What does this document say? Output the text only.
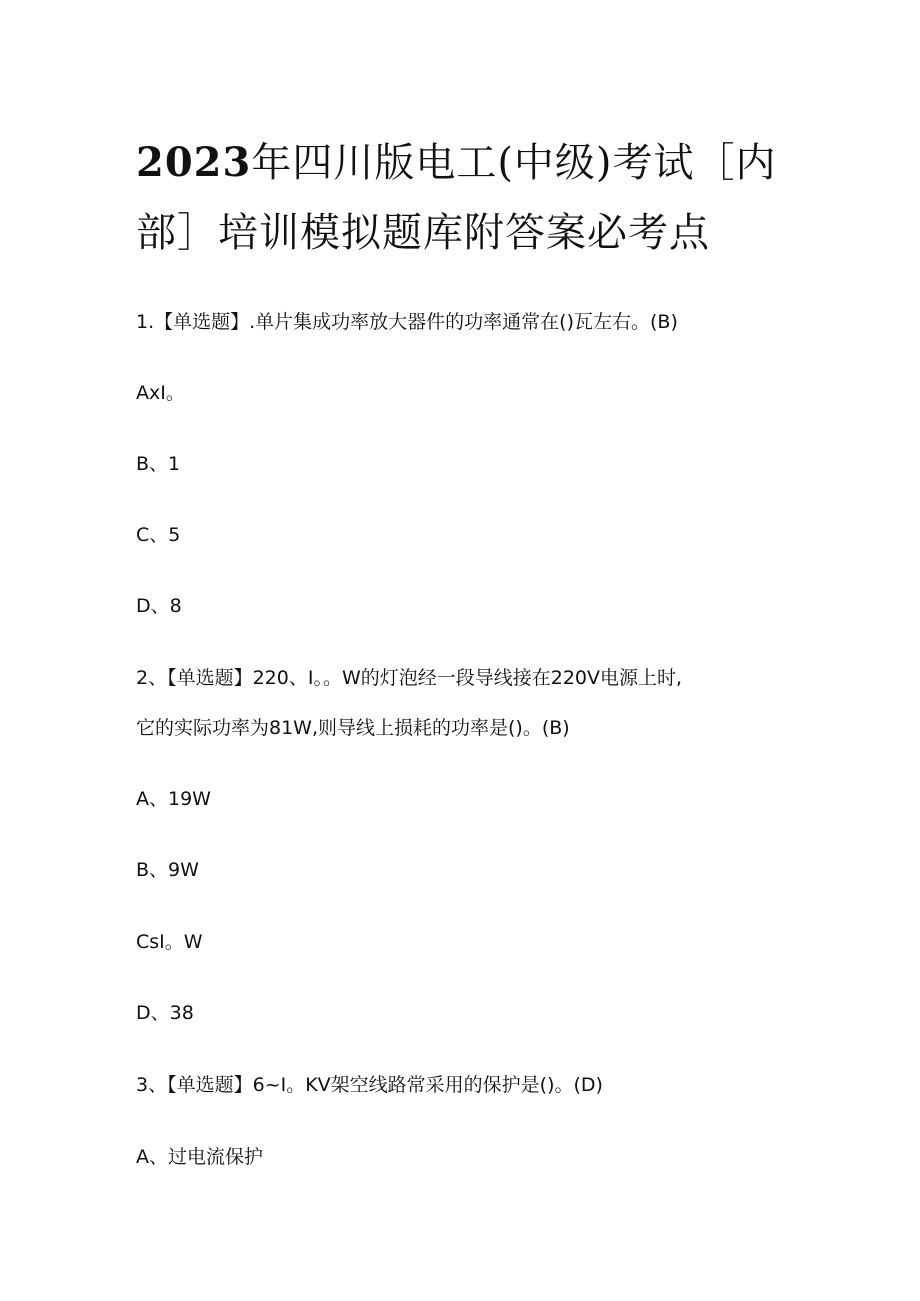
2023年四川版电工(中级)考试［内
部］培训模拟题库附答案必考点
1.【单选题】.单片集成功率放大器件的功率通常在()瓦左右。(B)
AxI。
B、1
C、5
D、8
2、【单选题】220、I。。W的灯泡经一段导线接在220V电源上时,
它的实际功率为81W,则导线上损耗的功率是()。(B)
A、19W
B、9W
CsI。W
D、38
3、【单选题】6~I。KV架空线路常采用的保护是()。(D)
A、过电流保护
